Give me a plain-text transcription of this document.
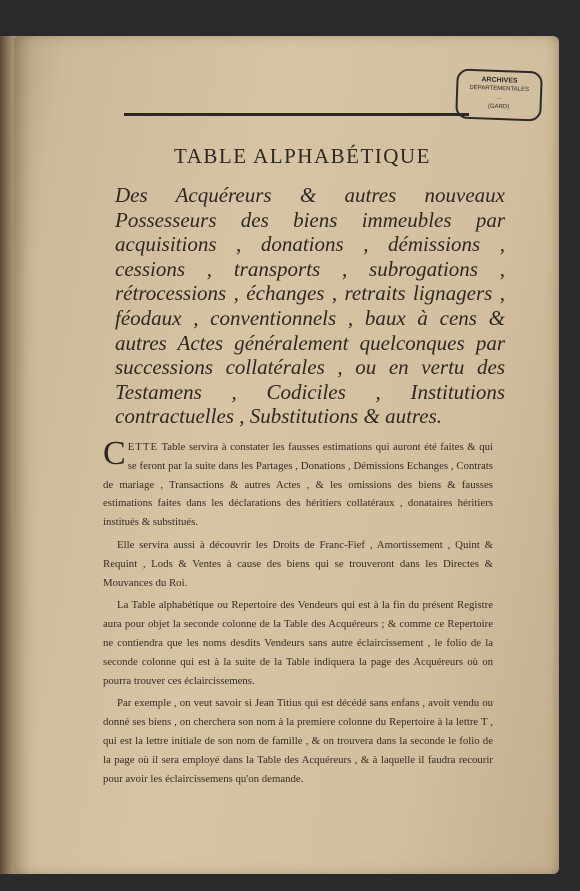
ARCHIVES
DÉPARTEMENTALES
...
(GARD)
TABLE ALPHABÉTIQUE
Des Acquéreurs & autres nouveaux Possesseurs des biens immeubles par acquisitions , donations , démissions , cessions , transports , subrogations , rétrocessions , échanges , retraits lignagers , féodaux , conventionnels , baux à cens & autres Actes généralement quelconques par successions collatérales , ou en vertu des Testamens , Codiciles , Institutions contractuelles , Substitutions & autres.

CETTE Table servira à constater les fausses estimations qui auront été faites & qui se feront par la suite dans les Partages , Donations , Démissions Echanges , Contrats de mariage , Transactions & autres Actes , & les omissions des biens & fausses estimations faites dans les déclarations des héritiers collatéraux , donataires héritiers institués & substitués.

Elle servira aussi à découvrir les Droits de Franc-Fief , Amortissement , Quint & Requint , Lods & Ventes à cause des biens qui se trouveront dans les Directes & Mouvances du Roi.

La Table alphabétique ou Repertoire des Vendeurs qui est à la fin du présent Registre aura pour objet la seconde colonne de la Table des Acquéreurs ; & comme ce Repertoire ne contiendra que les noms desdits Vendeurs sans autre éclaircissement , le folio de la seconde colonne qui est à la suite de la Table indiquera la page des Acquéreurs où on pourra trouver ces éclaircissemens.

Par exemple , on veut savoir si Jean Titius qui est décédé sans enfans , avoit vendu ou donné ses biens , on cherchera son nom à la premiere colonne du Repertoire à la lettre T , qui est la lettre initiale de son nom de famille , & on trouvera dans la seconde le folio de la page où il sera employé dans la Table des Acquéreurs , & à laquelle il faudra recourir pour avoir les éclaircissemens qu'on demande.
